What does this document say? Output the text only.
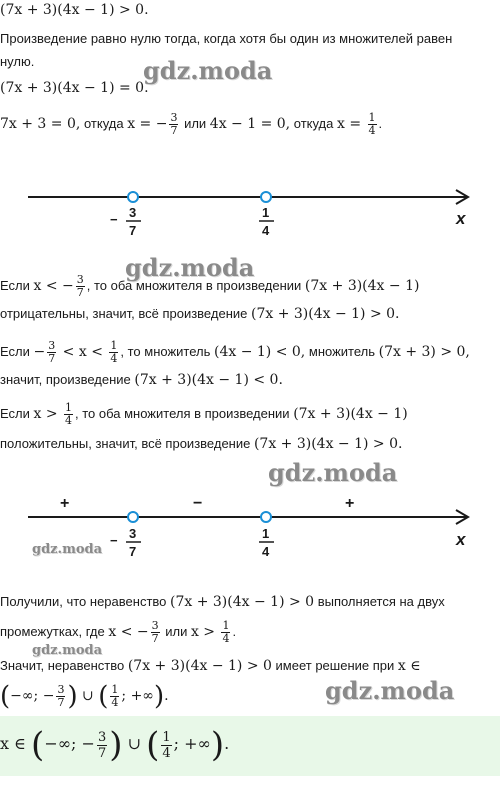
(7x + 3)(4x − 1) > 0.
Произведение равно нулю тогда, когда хотя бы один из множителей равен
нулю.
(7x + 3)(4x − 1) = 0.
7x + 3 = 0, откуда x = − $\frac{3}{7}$ или 4x − 1 = 0, откуда $x = \frac{1}{4}$ .
− 3
7
1
4
x
Если x < − $\frac{3}{7}$ , то оба множителя в произведении (7x + 3)(4x − 1)
отрицательны, значит, всё произведение (7x + 3)(4x − 1) > 0.
Если − $\frac{3}{7} < x < \frac{1}{4}$ , то множитель (4x − 1) < 0, множитель (7x + 3) > 0,
значит, произведение (7x + 3)(4x − 1) < 0.
Если $x > \frac{1}{4}$ , то оба множителя в произведении (7x + 3)(4x − 1)
положительны, значит, всё произведение (7x + 3)(4x − 1) > 0.
+	−	+
− 3
7
1
4
x
Получили, что неравенство (7x + 3)(4x − 1) > 0 выполняется на двух
промежутках, где x < − $\frac{3}{7}$ или $x > \frac{1}{4}$ .
Значит, неравенство (7x + 3)(4x − 1) > 0 имеет решение при x ∈
(−∞; − $\frac{3}{7}$ ) ∪ ( $\frac{1}{4}$ ; +∞).
x ∈ (−∞; − $\frac{3}{7}$ ) ∪ ( $\frac{1}{4}$ ; +∞).
gdz.moda
gdz.moda
gdz.moda
gdz.moda
gdz.moda
gdz.moda
